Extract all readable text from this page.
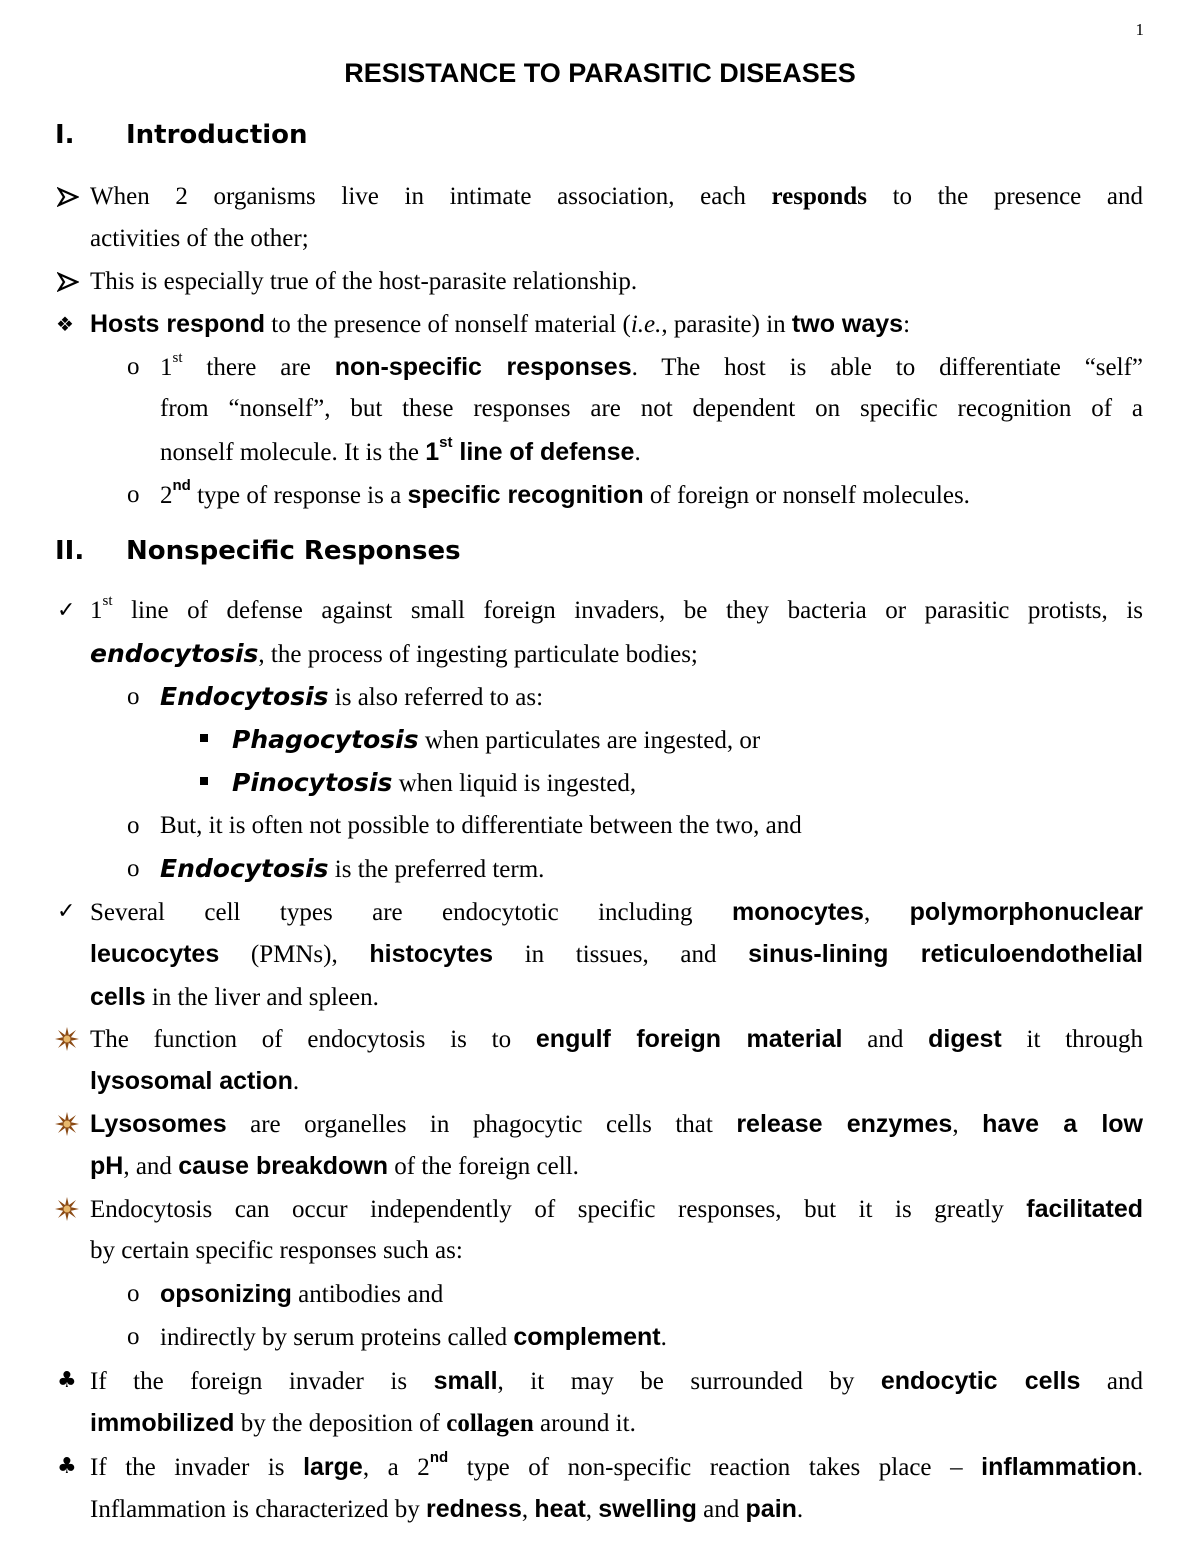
1
RESISTANCE TO PARASITIC DISEASES
I. Introduction
When 2 organisms live in intimate association, each responds to the presence and
activities of the other;
This is especially true of the host-parasite relationship.
❖ Hosts respond to the presence of nonself material (i.e., parasite) in two ways:
o 1st there are non-specific responses. The host is able to differentiate “self”
from “nonself”, but these responses are not dependent on specific recognition of a
nonself molecule. It is the 1st line of defense.
o 2nd type of response is a specific recognition of foreign or nonself molecules.
II. Nonspecific Responses
✓ 1st line of defense against small foreign invaders, be they bacteria or parasitic protists, is
endocytosis, the process of ingesting particulate bodies;
o Endocytosis is also referred to as:
Phagocytosis when particulates are ingested, or
Pinocytosis when liquid is ingested,
o But, it is often not possible to differentiate between the two, and
o Endocytosis is the preferred term.
✓ Several cell types are endocytotic including monocytes, polymorphonuclear
leucocytes (PMNs), histocytes in tissues, and sinus-lining reticuloendothelial
cells in the liver and spleen.
The function of endocytosis is to engulf foreign material and digest it through
lysosomal action.
Lysosomes are organelles in phagocytic cells that release enzymes, have a low
pH, and cause breakdown of the foreign cell.
Endocytosis can occur independently of specific responses, but it is greatly facilitated
by certain specific responses such as:
o opsonizing antibodies and
o indirectly by serum proteins called complement.
♣ If the foreign invader is small, it may be surrounded by endocytic cells and
immobilized by the deposition of collagen around it.
♣ If the invader is large, a 2nd type of non-specific reaction takes place – inflammation.
Inflammation is characterized by redness, heat, swelling and pain.
